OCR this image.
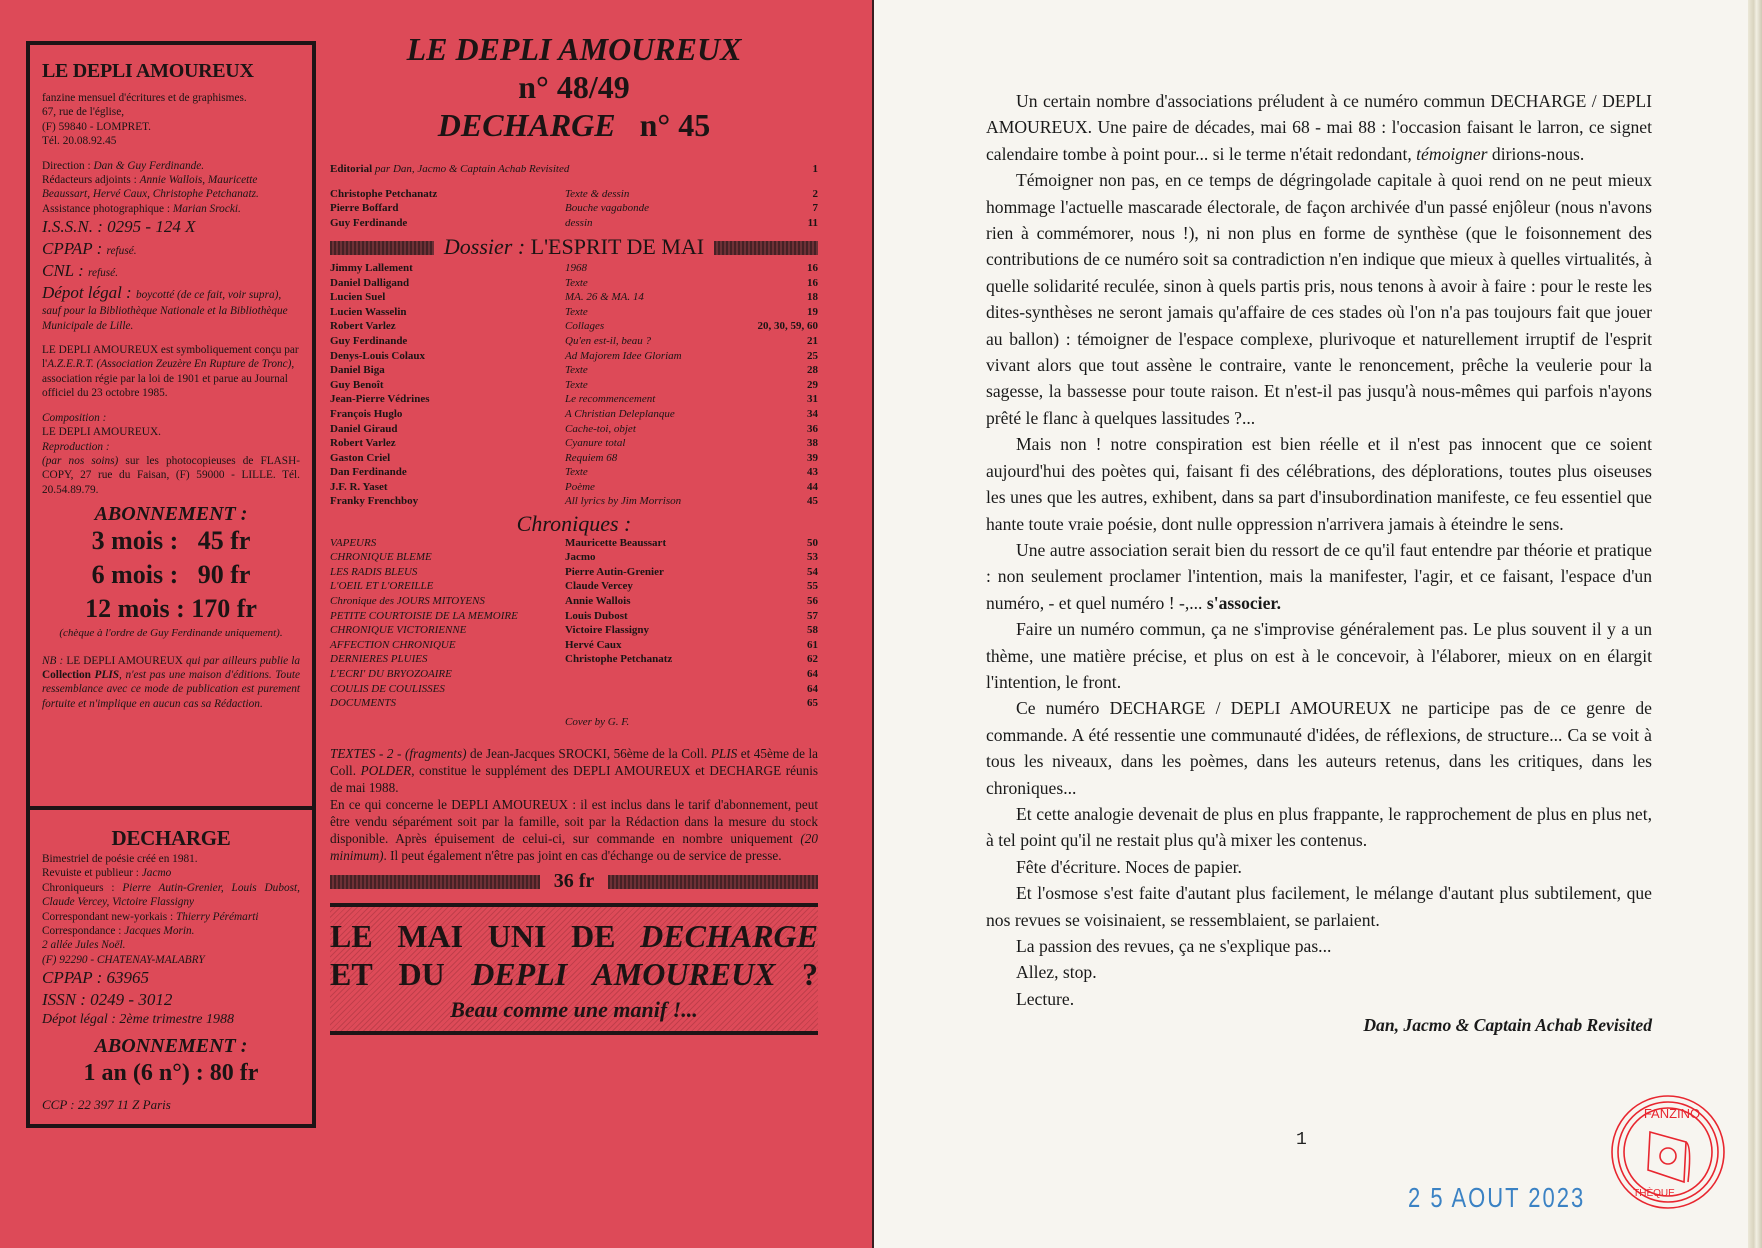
LE DEPLI AMOUREUX
fanzine mensuel d'écritures et de graphismes.
67, rue de l'église,
(F) 59840 - LOMPRET.
Tél. 20.08.92.45
Direction : Dan & Guy Ferdinande.
Rédacteurs adjoints : Annie Wallois, Mauricette Beaussart, Hervé Caux, Christophe Petchanatz.
Assistance photographique : Marian Srocki.
I.S.S.N. : 0295 - 124 X
CPPAP : refusé.
CNL : refusé.
Dépot légal : boycotté (de ce fait, voir supra), sauf pour la Bibliothèque Nationale et la Bibliothèque Municipale de Lille.
LE DEPLI AMOUREUX est symboliquement conçu par l'A.Z.E.R.T. (Association Zeuzère En Rupture de Tronc), association régie par la loi de 1901 et parue au Journal officiel du 23 octobre 1985.
Composition :
LE DEPLI AMOUREUX.
Reproduction :
(par nos soins) sur les photocopieuses de FLASH-COPY, 27 rue du Faisan, (F) 59000 - LILLE. Tél. 20.54.89.79.
ABONNEMENT :
3 mois :   45 fr
6 mois :   90 fr
12 mois : 170 fr
(chèque à l'ordre de Guy Ferdinande uniquement).
NB : LE DEPLI AMOUREUX qui par ailleurs publie la Collection PLIS, n'est pas une maison d'éditions. Toute ressemblance avec ce mode de publication est purement fortuite et n'implique en aucun cas sa Rédaction.
DECHARGE
Bimestriel de poésie créé en 1981.
Revuiste et publieur : Jacmo
Chroniqueurs : Pierre Autin-Grenier, Louis Dubost, Claude Vercey, Victoire Flassigny
Correspondant new-yorkais : Thierry Pérémarti
Correspondance : Jacques Morin.
2 allée Jules Noël.
(F) 92290 - CHATENAY-MALABRY
CPPAP : 63965
ISSN : 0249 - 3012
Dépot légal : 2ème trimestre 1988
ABONNEMENT :
1 an (6 n°) : 80 fr
CCP : 22 397 11 Z Paris
LE DEPLI AMOUREUX
n° 48/49
DECHARGE n° 45
Editorial par Dan, Jacmo & Captain Achab Revisited	1
Christophe Petchanatz	Texte & dessin	2
Pierre Boffard	Bouche vagabonde	7
Guy Ferdinande	dessin	11
Dossier : L'ESPRIT DE MAI
Jimmy Lallement	1968	16
Daniel Dalligand	Texte	16
Lucien Suel	MA. 26 & MA. 14	18
Lucien Wasselin	Texte	19
Robert Varlez	Collages	20, 30, 59, 60
Guy Ferdinande	Qu'en est-il, beau ?	21
Denys-Louis Colaux	Ad Majorem Idee Gloriam	25
Daniel Biga	Texte	28
Guy Benoît	Texte	29
Jean-Pierre Védrines	Le recommencement	31
François Huglo	A Christian Deleplanque	34
Daniel Giraud	Cache-toi, objet	36
Robert Varlez	Cyanure total	38
Gaston Criel	Requiem 68	39
Dan Ferdinande	Texte	43
J.F. R. Yaset	Poème	44
Franky Frenchboy	All lyrics by Jim Morrison	45
Chroniques :
VAPEURS	Mauricette Beaussart	50
CHRONIQUE BLEME	Jacmo	53
LES RADIS BLEUS	Pierre Autin-Grenier	54
L'OEIL ET L'OREILLE	Claude Vercey	55
Chronique des JOURS MITOYENS	Annie Wallois	56
PETITE COURTOISIE DE LA MEMOIRE	Louis Dubost	57
CHRONIQUE VICTORIENNE	Victoire Flassigny	58
AFFECTION CHRONIQUE	Hervé Caux	61
DERNIERES PLUIES	Christophe Petchanatz	62
L'ECRI' DU BRYOZOAIRE	64
COULIS DE COULISSES	64
DOCUMENTS	65
Cover by G. F.
TEXTES - 2 - (fragments) de Jean-Jacques SROCKI, 56ème de la Coll. PLIS et 45ème de la Coll. POLDER, constitue le supplément des DEPLI AMOUREUX et DECHARGE réunis de mai 1988.
En ce qui concerne le DEPLI AMOUREUX : il est inclus dans le tarif d'abonnement, peut être vendu séparément soit par la famille, soit par la Rédaction dans la mesure du stock disponible. Après épuisement de celui-ci, sur commande en nombre uniquement (20 minimum). Il peut également n'être pas joint en cas d'échange ou de service de presse.
36 fr
LE MAI UNI DE DECHARGE
ET DU DEPLI AMOUREUX ?
Beau comme une manif !...

Un certain nombre d'associations préludent à ce numéro commun DECHARGE / DEPLI AMOUREUX. Une paire de décades, mai 68 - mai 88 : l'occasion faisant le larron, ce signet calendaire tombe à point pour... si le terme n'était redondant, témoigner dirions-nous.

Témoigner non pas, en ce temps de dégringolade capitale à quoi rend on ne peut mieux hommage l'actuelle mascarade électorale, de façon archivée d'un passé enjôleur (nous n'avons rien à commémorer, nous !), ni non plus en forme de synthèse (que le foisonnement des contributions de ce numéro soit sa contradiction n'en indique que mieux à quelles virtualités, à quelle solidarité reculée, sinon à quels partis pris, nous tenons à avoir à faire : pour le reste les dites-synthèses ne seront jamais qu'affaire de ces stades où l'on n'a pas toujours fait que jouer au ballon) : témoigner de l'espace complexe, plurivoque et naturellement irruptif de l'esprit vivant alors que tout assène le contraire, vante le renoncement, prêche la veulerie pour la sagesse, la bassesse pour toute raison. Et n'est-il pas jusqu'à nous-mêmes qui parfois n'ayons prêté le flanc à quelques lassitudes ?...

Mais non ! notre conspiration est bien réelle et il n'est pas innocent que ce soient aujourd'hui des poètes qui, faisant fi des célébrations, des déplorations, toutes plus oiseuses les unes que les autres, exhibent, dans sa part d'insubordination manifeste, ce feu essentiel que hante toute vraie poésie, dont nulle oppression n'arrivera jamais à éteindre le sens.

Une autre association serait bien du ressort de ce qu'il faut entendre par théorie et pratique : non seulement proclamer l'intention, mais la manifester, l'agir, et ce faisant, l'espace d'un numéro, - et quel numéro ! -,... s'associer.

Faire un numéro commun, ça ne s'improvise généralement pas. Le plus souvent il y a un thème, une matière précise, et plus on est à le concevoir, à l'élaborer, mieux on en élargit l'intention, le front.

Ce numéro DECHARGE / DEPLI AMOUREUX ne participe pas de ce genre de commande. A été ressentie une communauté d'idées, de réflexions, de structure... Ca se voit à tous les niveaux, dans les poèmes, dans les auteurs retenus, dans les critiques, dans les chroniques...

Et cette analogie devenait de plus en plus frappante, le rapprochement de plus en plus net, à tel point qu'il ne restait plus qu'à mixer les contenus.

Fête d'écriture. Noces de papier.

Et l'osmose s'est faite d'autant plus facilement, le mélange d'autant plus subtilement, que nos revues se voisinaient, se ressemblaient, se parlaient.

La passion des revues, ça ne s'explique pas...

Allez, stop.

Lecture.

Dan, Jacmo & Captain Achab Revisited

1
2 5 AOUT 2023
FANZINO
THÈQUE
